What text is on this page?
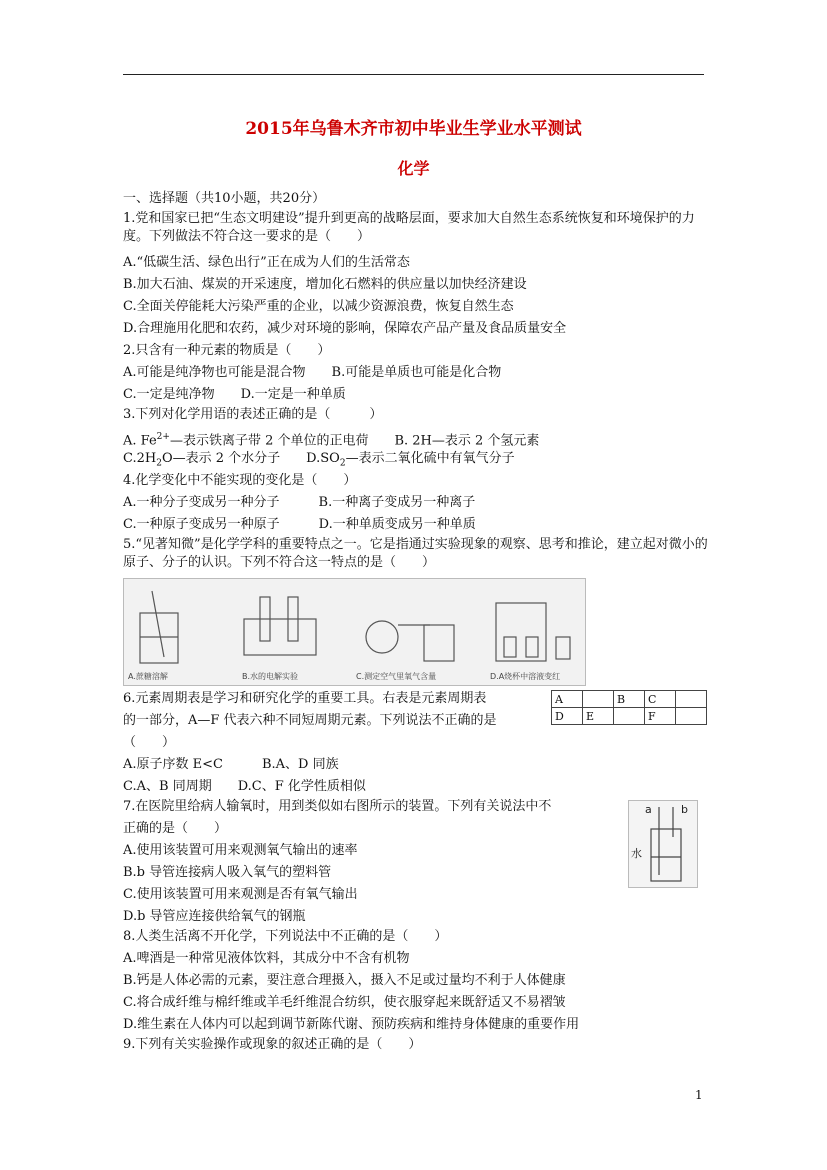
2015年乌鲁木齐市初中毕业生学业水平测试
化学
一、选择题（共10小题，共20分）
1.党和国家已把“生态文明建设”提升到更高的战略层面，要求加大自然生态系统恢复和环境保护的力度。下列做法不符合这一要求的是（　　）
A.“低碳生活、绿色出行”正在成为人们的生活常态
B.加大石油、煤炭的开采速度，增加化石燃料的供应量以加快经济建设
C.全面关停能耗大污染严重的企业，以减少资源浪费，恢复自然生态
D.合理施用化肥和农药，减少对环境的影响，保障农产品产量及食品质量安全
2.只含有一种元素的物质是（　　）
A.可能是纯净物也可能是混合物　　B.可能是单质也可能是化合物
C.一定是纯净物　　D.一定是一种单质
3.下列对化学用语的表述正确的是（　　　）
A. $Fe^{2+}—$表示铁离子带 2 个单位的正电荷　　B. 2H—表示 2 个氢元素
$C.2H_2O—$表示 2 个水分子　　$D.SO_2—$表示二氧化硫中有氧气分子
4.化学变化中不能实现的变化是（　　）
A.一种分子变成另一种分子　　　B.一种离子变成另一种离子
C.一种原子变成另一种原子　　　D.一种单质变成另一种单质
5.“见著知微”是化学学科的重要特点之一。它是指通过实验现象的观察、思考和推论，建立起对微小的原子、分子的认识。下列不符合这一特点的是（　　）
A.蔗糖溶解	B.水的电解实验	C.测定空气里氧气含量	D.A烧杯中溶液变红
6.元素周期表是学习和研究化学的重要工具。右表是元素周期表
的一部分，A—F 代表六种不同短周期元素。下列说法不正确的是
（　　）
A.原子序数 E<C　　　B.A、D 同族
C.A、B 同周期　　D.C、F 化学性质相似
A		B	C	
D	E		F	
7.在医院里给病人输氧时，用到类似如右图所示的装置。下列有关说法中不
正确的是（　　）
A.使用该装置可用来观测氧气输出的速率
B.b 导管连接病人吸入氧气的塑料管
C.使用该装置可用来观测是否有氧气输出
D.b 导管应连接供给氧气的钢瓶
a	b
水
8.人类生活离不开化学，下列说法中不正确的是（　　）
A.啤酒是一种常见液体饮料，其成分中不含有机物
B.钙是人体必需的元素，要注意合理摄入，摄入不足或过量均不利于人体健康
C.将合成纤维与棉纤维或羊毛纤维混合纺织，使衣服穿起来既舒适又不易褶皱
D.维生素在人体内可以起到调节新陈代谢、预防疾病和维持身体健康的重要作用
9.下列有关实验操作或现象的叙述正确的是（　　）
1
